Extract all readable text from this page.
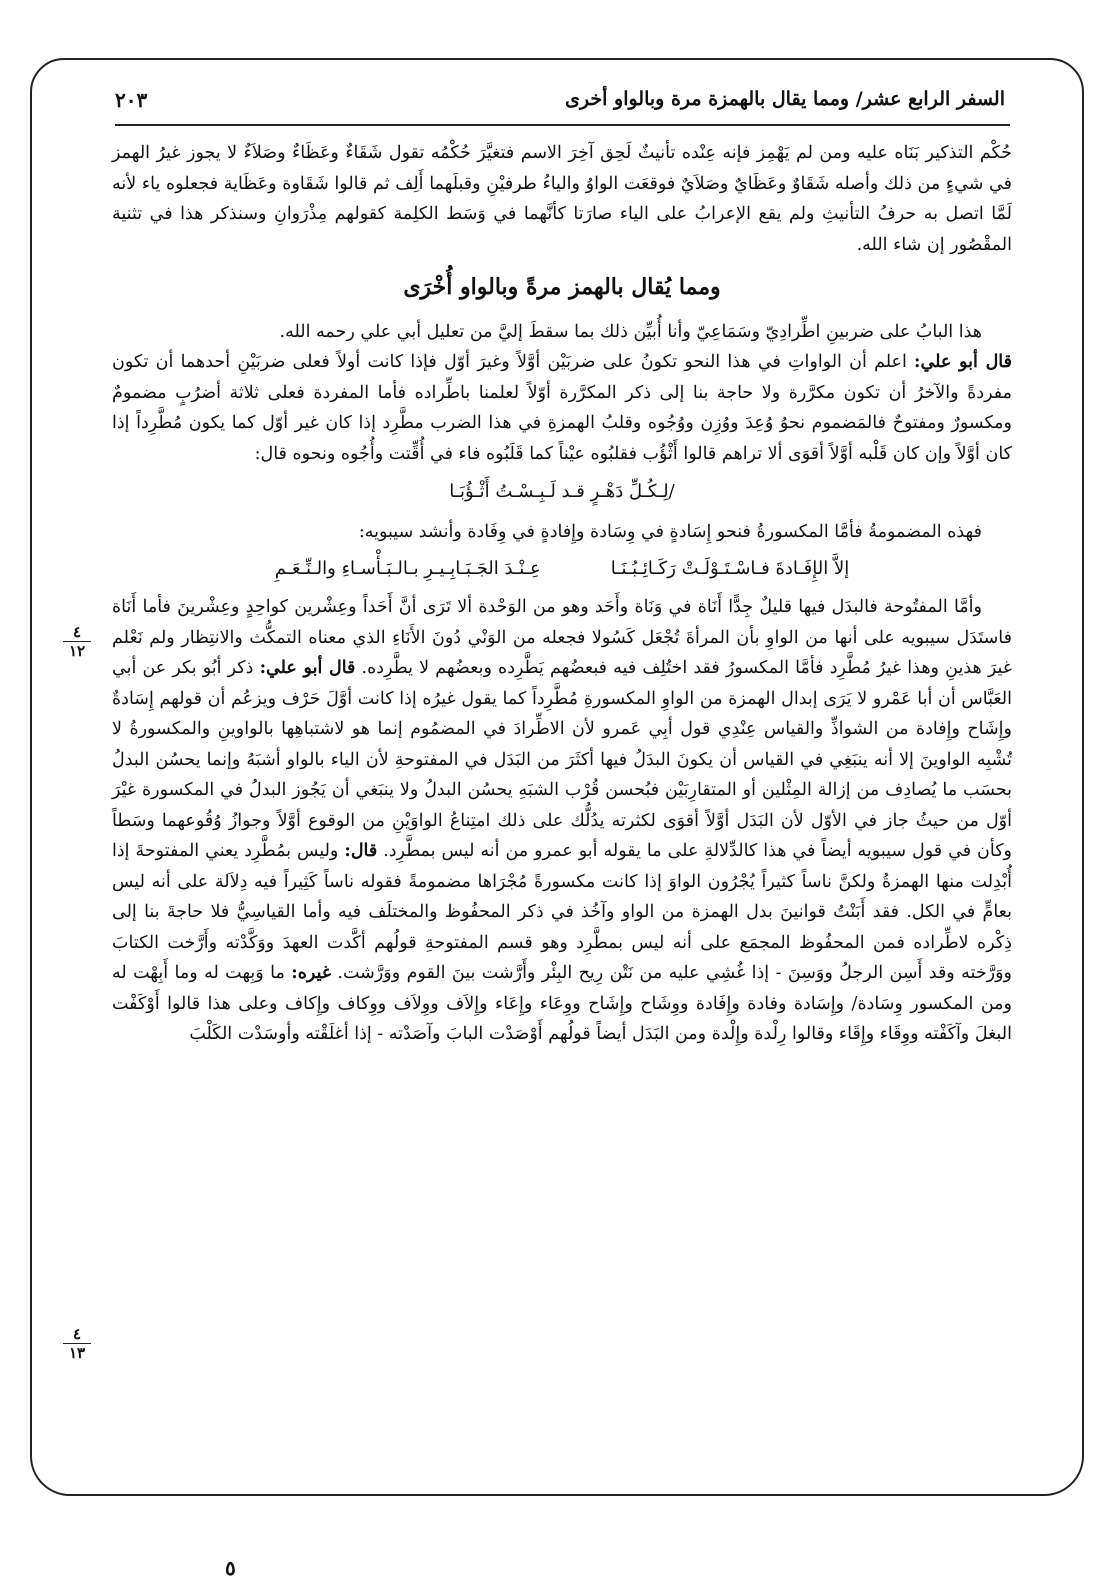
السفر الرابع عشر/ ومما يقال بالهمزة مرة وبالواو أخرى
٢٠٣

حُكْم التذكير بَنَاه عليه ومن لم يَهْمِز فإنه عِنْده تأنيثٌ لَحِق آخِرَ الاسم فتغيَّرَ حُكْمُه تقول شَقَاءٌ وعَظَاءٌ وصَلاَءٌ لا يجوز غيرُ الهمز في شيءٍ من ذلك وأصله شَقَاوٌ وعَظَايٌ وصَلاَيٌ فوقعَت الواوُ والياءُ طرفيْنِ وقبلَهما أَلِف ثم قالوا شَقَاوة وعَظَاية فجعلوه ياء لأنه لَمَّا اتصل به حرفُ التأنيثِ ولم يقع الإعرابُ على الياء صارَتا كأنَّهما في وَسَط الكلِمة كقولهم مِذْرَوانِ وسنذكر هذا في تثنية المقْصُور إن شاء الله.

ومما يُقال بالهمز مرةً وبالواو أُخْرَى

هذا البابُ على ضربينِ اطِّرادِيّ وسَمَاعِيّ وأنا أُبيِّن ذلك بما سقطَ إليَّ من تعليل أبي علي رحمه الله.

قال أبو علي: اعلم أن الواواتِ في هذا النحو تكونُ على ضربَيْن أوَّلاً وغيرَ أوّل فإذا كانت أولاً فعلى ضربَيْنِ أحدهما أن تكون مفردةً والآخرُ أن تكون مكرَّرة ولا حاجة بنا إلى ذكر المكرَّرة أوّلاً لعلمنا باطِّراده فأما المفردة فعلى ثلاثة أضرُبٍ مضمومٌ ومكسورٌ ومفتوحٌ فالمَضموم نحوُ وُعِدَ ووُزِن ووُجُوه وقلبُ الهمزةِ في هذا الضرب مطَّرِد إذا كان غير أوّل كما يكون مُطَّرِداً إذا كان أوَّلاً وإن كان قَلْبه أوَّلاً أقوَى ألا تراهم قالوا أَثْؤُب فقلبُوه عيْناً كما قَلَبُوه فاء في أُقِّتت وأُجُوه ونحوه قال:

/لِـكُـلِّ دَهْـرٍ قـد لَـبِـسْـتُ أَثْـؤُبَـا

فهذه المضمومةُ فأمَّا المكسورةُ فنحو إِسَادةٍ في وِسَادة وإِفادةٍ في وِفَادة وأنشد سيبويه:

إلاَّ الإِفَـادةَ فـاسْـتَـوْلَـتْ رَكَـائِـبُـنَـا
عِـنْـدَ الجَـبَـابِـيـرِ بـالـبَـأْسـاءِ والـنِّـعَـمِ

وأمَّا المفتُوحة فالبدَل فيها قليلٌ جِدًّا أَنَاة في وَنَاة وأَحَد وهو من الوَحْدة ألا تَرَى أنَّ أَحَداً وعِشْرين كواحِدٍ وعِشْرينَ فأما أَنَاة فاستَدَل سيبويه على أنها من الواوِ بأن المرأةَ تُجْعَل كَسُولا فجعله من الوَنْي دُونَ الأَنَاءِ الذي معناه التمكُّث والانتِظار ولم نَعْلم غيرَ هذينِ وهذا غيرُ مُطَّرِد فأمَّا المكسورُ فقد اختُلِف فيه فبعضُهم يَطَّرِده وبعضُهم لا يطَّرِده. قال أبو علي: ذكر أبُو بكر عن أبي العَبَّاس أن أبا عَمْرو لا يَرَى إبدال الهمزة من الواوِ المكسورةِ مُطَّرِداً كما يقول غيرُه إذا كانت أوَّلَ حَرْف ويزعُم أن قولهم إِسَادةٌ وإِشَاح وإِفادة من الشواذِّ والقياس عِنْدِي قول أبِي عَمرو لأن الاطِّرادَ في المضمُوم إنما هو لاشتباهِها بالواوينِ والمكسورةُ لا تُشْبِه الواوينَ إلا أنه ينبَغِي في القياس أن يكونَ البدَلُ فيها أكثَرَ من البَدَل في المفتوحةِ لأن الياء بالواو أشبَهُ وإنما يحسُن البدلُ بحسَب ما يُصادِف من إزالة المِثْلين أو المتقارِبَيْن فبُحسن قُرْب الشبَهِ يحسُن البدلُ ولا ينبَغي أن يَجُوز البدلُ في المكسورة غيْرَ أوّل من حيثُ جاز في الأوّل لأن البَدَل أوَّلاً أقوَى لكثرته يدُلُّك على ذلك امتِناعُ الواوَيْنِ من الوقوع أوَّلاً وجوازُ وُقُوعهما وسَطاً وكأن في قول سيبويه أيضاً في هذا كالدِّلالةِ على ما يقوله أبو عمرو من أنه ليس بمطَّرِد. قال: وليس بمُطَّرِد يعني المفتوحةَ إذا أُبْدِلت منها الهمزةُ ولكنَّ ناساً كثيراً يُجْرُون الواوَ إذا كانت مكسورةً مُجْرَاها مضمومةً فقوله ناساً كَثِيراً فيه دِلاَلة على أنه ليس بعامٍّ في الكل. فقد أَبَنْتُ قوانينَ بدل الهمزة من الواو وآخُذ في ذكر المحفُوظ والمختلَف فيه وأما القياسِيُّ فلا حاجةَ بنا إلى ذِكْره لاطِّراده فمن المحفُوظ المجمَع على أنه ليس بمطَّرِد وهو قسم المفتوحةِ قولُهم أكَّدت العهدَ ووَكَّدْته وأَرَّخت الكتابَ ووَرَّخته وقد أَسِن الرجلُ ووَسِنَ - إذا غُشِي عليه من نَتْن رِيح البِئْر وأَرَّشت بينَ القوم ووَرَّشت. غيره: ما وَبِهت له وما أَبِهْت له ومن المكسور وِسَادة/ وإِسَادة وفادة وإِفَادة ووِشَاح وإِشَاح ووِعَاء وإِعَاء وإِلاَف ووِلاَف ووِكاف وإِكاف وعلى هذا قالوا أَوْكَفْت البغلَ وآكَفْته ووِقَاء وإِقَاء وقالوا رِلْدة وإِلْدة ومن البَدَل أيضاً قولُهم أَوْصَدْت البابَ وآصَدْته - إذا أغلَقْته وأوسَدْت الكَلْبَ

٤
١٢
٤
١٣
٥
